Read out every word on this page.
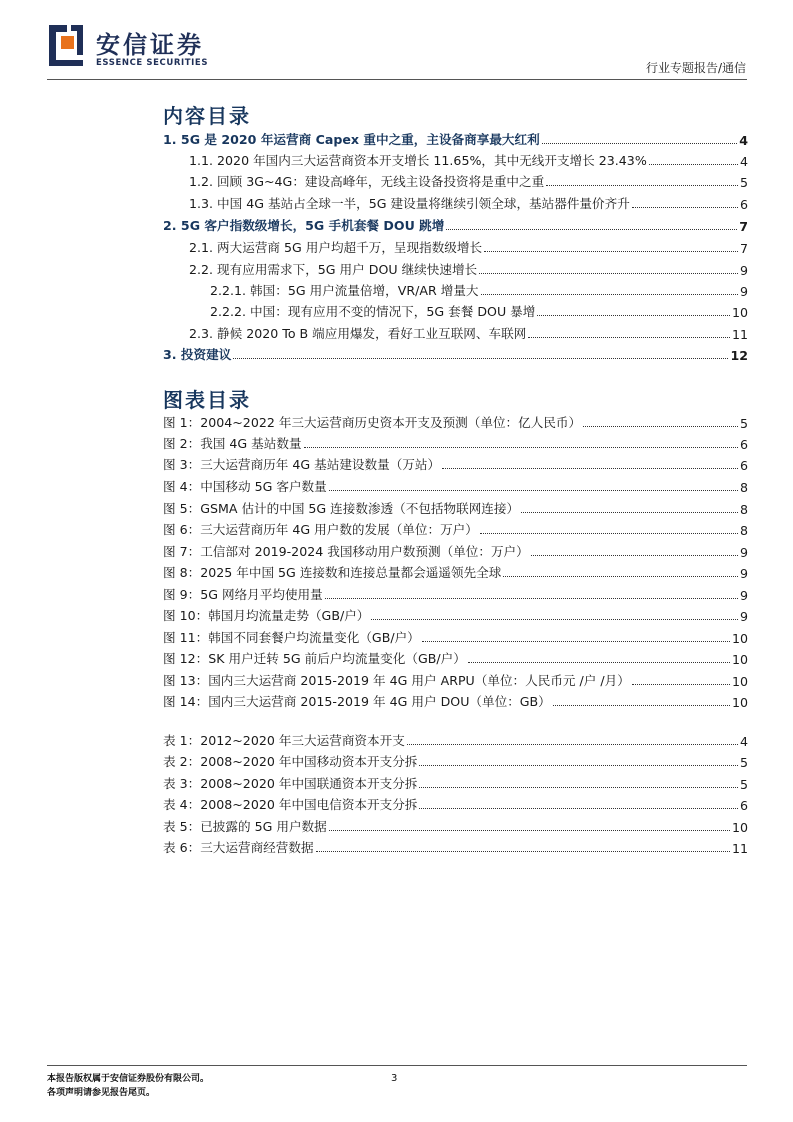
安信证券
ESSENCE SECURITIES	行业专题报告/通信
内容目录
1. 5G 是 2020 年运营商 Capex 重中之重，主设备商享最大红利	4
1.1. 2020 年国内三大运营商资本开支增长 11.65%，其中无线开支增长 23.43%	4
1.2. 回顾 3G~4G：建设高峰年，无线主设备投资将是重中之重	5
1.3. 中国 4G 基站占全球一半，5G 建设量将继续引领全球，基站器件量价齐升	6
2. 5G 客户指数级增长，5G 手机套餐 DOU 跳增	7
2.1. 两大运营商 5G 用户均超千万，呈现指数级增长	7
2.2. 现有应用需求下，5G 用户 DOU 继续快速增长	9
2.2.1. 韩国：5G 用户流量倍增，VR/AR 增量大	9
2.2.2. 中国：现有应用不变的情况下，5G 套餐 DOU 暴增	10
2.3. 静候 2020 To B 端应用爆发，看好工业互联网、车联网	11
3. 投资建议	12
图表目录
图 1：2004~2022 年三大运营商历史资本开支及预测（单位：亿人民币）	5
图 2：我国 4G 基站数量	6
图 3：三大运营商历年 4G 基站建设数量（万站）	6
图 4：中国移动 5G 客户数量	8
图 5：GSMA 估计的中国 5G 连接数渗透（不包括物联网连接）	8
图 6：三大运营商历年 4G 用户数的发展（单位：万户）	8
图 7：工信部对 2019-2024 我国移动用户数预测（单位：万户）	9
图 8：2025 年中国 5G 连接数和连接总量都会遥遥领先全球	9
图 9：5G 网络月平均使用量	9
图 10：韩国月均流量走势（GB/户）	9
图 11：韩国不同套餐户均流量变化（GB/户）	10
图 12：SK 用户迁转 5G 前后户均流量变化（GB/户）	10
图 13：国内三大运营商 2015-2019 年 4G 用户 ARPU（单位：人民币元 /户 /月）	10
图 14：国内三大运营商 2015-2019 年 4G 用户 DOU（单位：GB）	10
表 1：2012~2020 年三大运营商资本开支	4
表 2：2008~2020 年中国移动资本开支分拆	5
表 3：2008~2020 年中国联通资本开支分拆	5
表 4：2008~2020 年中国电信资本开支分拆	6
表 5：已披露的 5G 用户数据	10
表 6：三大运营商经营数据	11
本报告版权属于安信证券股份有限公司。
各项声明请参见报告尾页。
3
